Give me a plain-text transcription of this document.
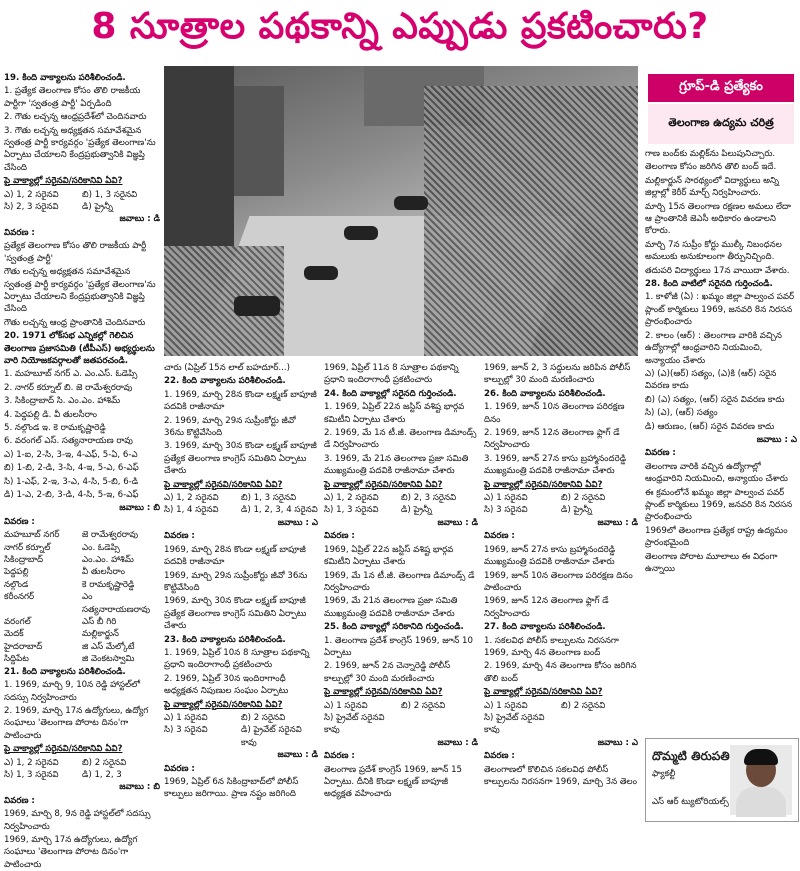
8 సూత్రాల పథకాన్ని ఎప్పుడు ప్రకటించారు?

19. కింది వాక్యాలను పరిశీలించండి.

1. ప్రత్యేక తెలంగాణ కోసం తొలి రాజకీయ పార్టీగా 'స్వతంత్ర పార్టీ' ఏర్పడింది

2. గౌతు లచ్చన్న ఆంధ్రప్రదేశ్‌లో చెందినవారు

3. గౌతు లచ్చన్న అధ్యక్షతన సమావేశమైన స్వతంత్ర పార్టీ కార్యవర్గం 'ప్రత్యేక తెలంగాణ'ను ఏర్పాటు చేయాలని కేంద్రప్రభుత్వానికి విజ్ఞప్తి చేసింది

పై వాక్యాల్లో సరైనవి/సరికానివి ఏవి?

ఎ) 1, 2 సరైనవి	బి) 1, 3 సరైనవి
సి) 2, 3 సరైనవి	డి) ప్రైన్నీ

జవాబు : డి

వివరణ :

ప్రత్యేక తెలంగాణ కోసం తొలి రాజకీయ పార్టీ 'స్వతంత్ర పార్టీ'

గౌతు లచ్చన్న అధ్యక్షతన సమావేశమైన స్వతంత్ర పార్టీ కార్యవర్గం 'ప్రత్యేక తెలంగాణ'ను ఏర్పాటు చేయాలని కేంద్రప్రభుత్వానికి విజ్ఞప్తి చేసింది

గౌతు లచ్చన్న ఆంధ్ర ప్రాంతానికి చెందినవారు

20. 1971 లోక్‌సభ ఎన్నికల్లో గెలిచిన తెలంగాణ ప్రజాసమితి (టీపీఎస్) అభ్యర్థులను వారి నియోజకవర్గాలతో జతపరచండి.

1. మహబూబ్ నగర్ ఎ. ఎం.ఎస్. ఓడెప్సి

2. నాగర్ కర్నూల్ బి. జె రామేశ్వరరావు

3. సికింద్రాబాద్ సి. ఎం.ఎం. హాశిమ్

4. పెద్దపల్లి డి. వీ తులసీరాం

5. నల్గొండ ఇ. కె రామకృష్ణారెడ్డి

6. వరంగల్ ఎస్. సత్యనారాయణ రావు

ఎ) 1-ఐ, 2-సి, 3-ఇ, 4-ఎఫ్, 5-ఏ, 6-ఎ

బి) 1-బి, 2-డి, 3-సి, 4-ఇ, 5-ఎ, 6-ఎఫ్

సి) 1-ఎఫ్, 2-ఇ, 3-ఎ, 4-సి, 5-బి, 6-డి

డి) 1-ఎ, 2-బి, 3-డి, 4-సి, 5-ఇ, 6-ఎఫ్

జవాబు : బి

వివరణ :

మహబూబ్ నగర్	జె రామేశ్వరరావు
నాగర్ కర్నూల్	ఎం. ఓడెప్సి
సికింద్రాబాద్	ఎం.ఎం. హాశిమ్
పెద్దపల్లి	వీ తులసీరాం
నల్గొండ	కె రామకృష్ణారెడ్డి
కరీంనగర్	ఎం సత్యనారాయణరావు
వరంగల్	ఎస్ బీ గిరి
మెదక్	మల్లికార్జున్
హైదరాబాద్	జి ఎస్ మేల్కోటే
సిద్దిపేట	జి వెంకటస్వామి

21. కింది వాక్యాలను పరిశీలించండి.

1. 1969, మార్చి 9, 10న రెడ్డి హాస్టల్‌లో సదస్సు నిర్వహించారు

2. 1969, మార్చి 17న ఉద్యోగులు, ఉద్యోగ సంఘాలు 'తెలంగాణ పోరాట దినం'గా పాటించారు

పై వాక్యాల్లో సరైనవి/సరికానివి ఏవి?

ఎ) 1, 2 సరైనవి	బి) 2 సరైనవి
సి) 1, 3 సరైనవి	డి) 1, 2, 3

జవాబు : బి

వివరణ :

1969, మార్చి 8, 9న రెడ్డి హాస్టల్‌లో సదస్సు నిర్వహించారు

1969, మార్చి 17న ఉద్యోగులు, ఉద్యోగ సంఘాలు 'తెలంగాణ పోరాట దినం'గా పాటించారు

చారు (ఏప్రిల్ 15న లాల్ బహదూర్...)

22. కింది వాక్యాలను పరిశీలించండి.

1. 1969, మార్చి 28న కొండా లక్ష్మణ్ బాపూజీ పదవికి రాజీనామా

2. 1969, మార్చి 29న సుప్రీంకోర్టు జీవో 36ను కొట్టివేసింది

3. 1969, మార్చి 30న కొండా లక్ష్మణ్ బాపూజీ ప్రత్యేక తెలంగాణ కాంగ్రెస్ సమితిని ఏర్పాటు చేశారు

పై వాక్యాల్లో సరైనవి/సరికానివి ఏవి?

ఎ) 1, 2 సరైనవి	బి) 1, 3 సరైనవి
సి) 1, 4 సరైనవి	డి) 1, 2, 3, 4 సరైనవి

జవాబు : ఎ

వివరణ :

1969, మార్చి 28న కొండా లక్ష్మణ్ బాపూజీ పదవికి రాజీనామా

1969, మార్చి 29న సుప్రీంకోర్టు జీవో 36ను కొట్టివేసింది

1969, మార్చి 30న కొండా లక్ష్మణ్ బాపూజీ ప్రత్యేక తెలంగాణ కాంగ్రెస్ సమితిని ఏర్పాటు చేశారు

23. కింది వాక్యాలను పరిశీలించండి.

1. 1969, ఏప్రిల్ 10న 8 సూత్రాల పథకాన్ని ప్రధాని ఇందిరాగాంధీ ప్రకటించారు

2. 1969, ఏప్రిల్ 30న ఇందిరాగాంధీ అధ్యక్షతన నిపుణుల సంఘం ఏర్పాటు

పై వాక్యాల్లో సరైనవి/సరికానివి ఏవి?

ఎ) 1 సరైనవి	బి) 2 సరైనవి
సి) 3 సరైనవి	డి) ప్రైవేట్ సరైనవి కావు

జవాబు : డి

వివరణ :

1969, ఏప్రిల్ 6న సికింద్రాబాద్‌లో పోలీస్ కాల్పులు జరిగాయి. ప్రాణ నష్టం జరిగింది

1969, ఏప్రిల్ 11న 8 సూత్రాల పథకాన్ని ప్రధాని ఇందిరాగాంధీ ప్రకటించారు

24. కింది వాక్యాల్లో సరైనది గుర్తించండి.

1. 1969, ఏప్రిల్ 22న జస్టిస్ వశిష్ట భార్గవ కమిటీని ఏర్పాటు చేశారు

2. 1969, మే 1న టీ.జీ. తెలంగాణ డిమాండ్స్ డే నిర్వహించారు

3. 1969, మే 21న తెలంగాణ ప్రజా సమితి ముఖ్యమంత్రి పదవికి రాజీనామా చేశారు

పై వాక్యాల్లో సరైనవి/సరికానివి ఏవి?

ఎ) 1, 2 సరైనవి	బి) 2, 3 సరైనవి
సి) 1, 3 సరైనవి	డి) ప్రైన్నీ

జవాబు : డి

వివరణ :

1969, ఏప్రిల్ 22న జస్టిస్ వశిష్ట భార్గవ కమిటీని ఏర్పాటు చేశారు

1969, మే 1న టీ.జీ. తెలంగాణ డిమాండ్స్ డే నిర్వహించారు

1969, మే 21న తెలంగాణ ప్రజా సమితి ముఖ్యమంత్రి పదవికి రాజీనామా చేశారు

25. కింది వాక్యాల్లో సరికానిది గుర్తించండి.

1. తెలంగాణ ప్రదేశ్ కాంగ్రెస్ 1969, జూన్ 10 ఏర్పాటు

2. 1969, జూన్ 2న చెన్నారెడ్డి పోలీస్ కాల్పుల్లో 30 మంది మరణించారు

పై వాక్యాల్లో సరైనవి/సరికానివి ఏవి?

ఎ) 1 సరైనవి	బి) 2 సరైనవి
సి) ప్రైవేట్ సరైనవి కావు

జవాబు : డి

వివరణ :

తెలంగాణ ప్రదేశ్ కాంగ్రెస్ 1969, జూన్ 15 ఏర్పాటు. దీనికి కొండా లక్ష్మణ్ బాపూజీ అధ్యక్షత వహించారు

1969, జూన్ 2, 3 సద్దులను జరిపిన పోలీస్ కాల్పుల్లో 30 మంది మరణించారు

26. కింది వాక్యాలను పరిశీలించండి.

1. 1969, జూన్ 10న తెలంగాణ పరిరక్షణ దినం

2. 1969, జూన్ 12న తెలంగాణ ఫ్లాగ్ డే నిర్వహించారు

3. 1969, జూన్ 27న కాసు బ్రహ్మానందరెడ్డి ముఖ్యమంత్రి పదవికి రాజీనామా చేశారు

పై వాక్యాల్లో సరైనవి/సరికానివి ఏవి?

ఎ) 1 సరైనవి	బి) 2 సరైనవి
సి) 3 సరైనవి	డి) ప్రైన్నీ

జవాబు : డి

వివరణ :

1969, జూన్ 27న కాసు బ్రహ్మానందరెడ్డి ముఖ్యమంత్రి పదవికి రాజీనామా చేశారు

1969, జూన్ 10న తెలంగాణ పరిరక్షణ దినం పాటించారు

1969, జూన్ 12న తెలంగాణ ఫ్లాగ్ డే నిర్వహించారు

27. కింది వాక్యాలను పరిశీలించండి.

1. సకలవిధ పోలీస్ కాల్పులను నిరసనగా 1969, మార్చి 4న తెలంగాణ బంద్

2. 1969, మార్చి 4న తెలంగాణ కోసం జరిగిన తొలి బంద్

పై వాక్యాల్లో సరైనవి/సరికానివి ఏవి?

ఎ) 1 సరైనవి	బి) 2 సరైనవి
సి) ప్రైవేట్ సరైనవి కావు

జవాబు : ఎ

వివరణ :

తెలంగాణలో కొలిచిన సకలవిధ పోలీస్ కాల్పులను నిరసనగా 1969, మార్చి 3న తెలం

గ్రూప్-డి ప్రత్యేకం
తెలంగాణ ఉద్యమ చరిత్ర

గాణ బంద్‌కు మల్లిక్‌ను పిలుపునిచ్చారు.

తెలంగాణ కోసం జరిగిన తొలి బంద్ ఇదే.

మల్లికార్జున్ సారథ్యంలో విద్యార్థులు అన్ని జిల్లాల్లో కెరీర్ మార్చ్ నిర్వహించారు.

మార్చి 15న తెలంగాణ రక్షణల అమలు లేదా ఆ ప్రాంతానికి జెఎసీ అధికారం ఉండాలని కోరారు.

మార్చి 7న సుప్రీం కోర్టు ముల్కీ నిబంధనల అమలుకు అనుకూలంగా తీర్పునిచ్చింది.

తదుపరి విద్యార్థులు 17న వాయిదా వేశారు.

28. కింది వాటిలో సరైనది గుర్తించండి.

1. కాళోజీ (ఏ) : ఖమ్మం జిల్లా పాల్వంచ పవర్ ప్లాంట్ కార్మికులు 1969, జనవరి 8న నిరసన ప్రారంభించారు

2. కాలం (ఆర్) : తెలంగాణ వారికి వచ్చిన ఉద్యోగాల్లో ఆంధ్రవారిని నియమించి, అన్యాయం చేశారు

ఎ) (ఎ)(ఆర్) సత్యం, (ఎ)కి (ఆర్) సరైన వివరణ కాదు

బి) (ఎ) సత్యం, (ఆర్) సరైన వివరణ కాదు

సి) (ఎ), (ఆర్) సత్యం

డి) ఆరుణం, (ఆర్) సరైన వివరణ కాదు

జవాబు : ఎ

వివరణ :

తెలంగాణ వారికి వచ్చిన ఉద్యోగాల్లో ఆంధ్రవారిని నియమించి, అన్యాయం చేశారు

ఈ క్రమంలోనే ఖమ్మం జిల్లా పాల్వంచ పవర్ ప్లాంట్ కార్మికులు 1969, జనవరి 8న నిరసన ప్రారంభించారు

1969లో తెలంగాణ ప్రత్యేక రాష్ట్ర ఉద్యమం ప్రారంభమైంది

తెలంగాణ పోరాట మూలాలు ఈ విధంగా ఉన్నాయి

దొమ్మటి తిరుపతి
ఫ్యాకల్టీ
ఎస్ ఆర్ ట్యుటోరియల్స్
